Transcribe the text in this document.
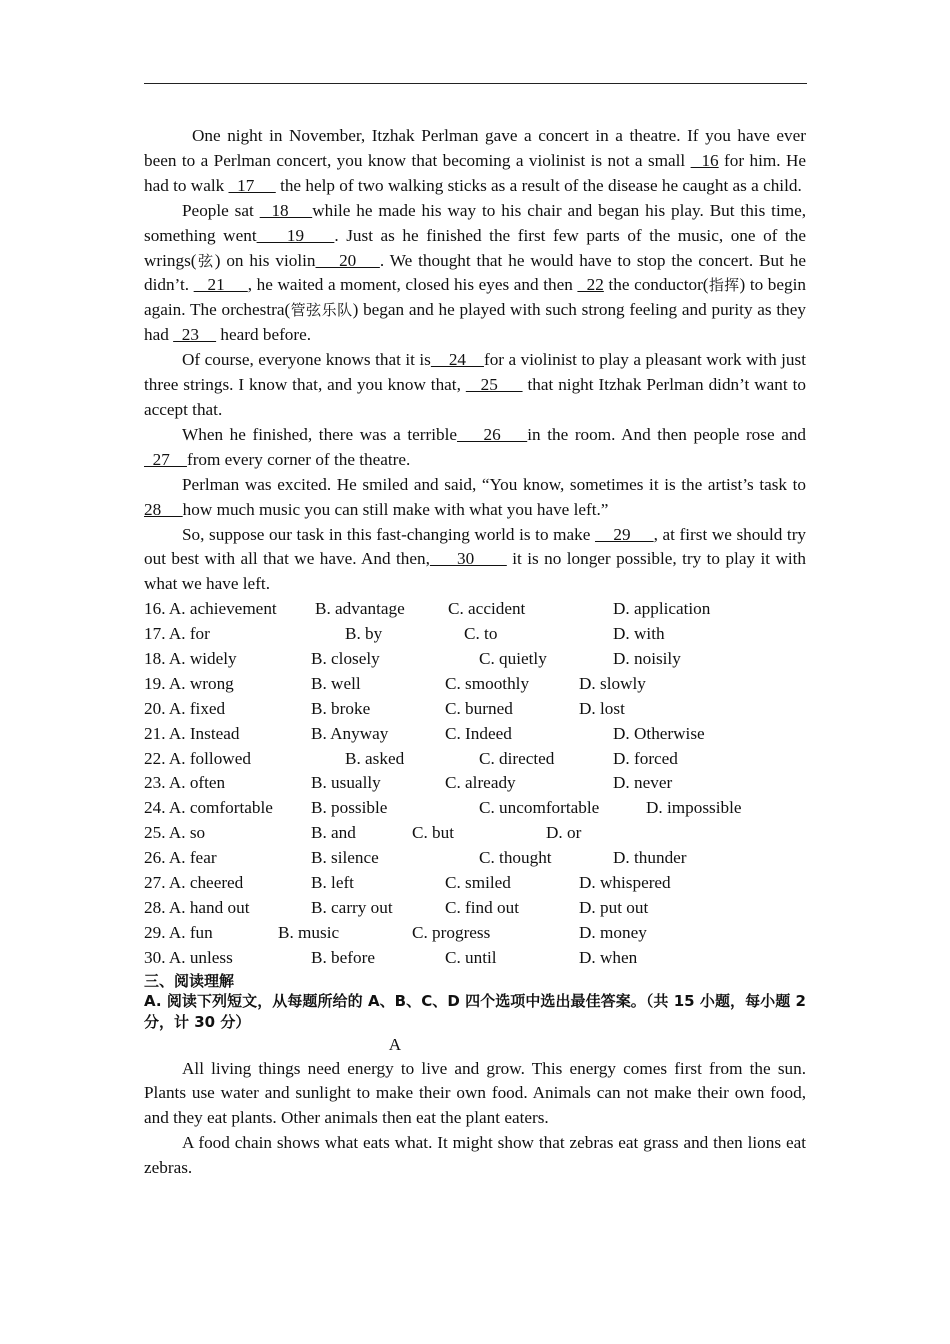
One night in November, Itzhak Perlman gave a concert in a theatre. If you have ever been to a Perlman concert, you know that becoming a violinist is not a small   16 for him. He had to walk   17      the help of two walking sticks as a result of the disease he caught as a child.

People sat   18    while he made his way to his chair and began his play. But this time, something went    19    . Just as he finished the first few parts of the music, one of the wrings(弦) on his violin    20    . We thought that he would have to stop the concert. But he didn’t.    21     , he waited a moment, closed his eyes and then   22 the conductor(指挥) to begin again. The orchestra(管弦乐队) began and he played with such strong feeling and purity as they had   23     heard before.

Of course, everyone knows that it is    24    for a violinist to play a pleasant work with just three strings. I know that, and you know that,    25      that night Itzhak Perlman didn’t want to accept that.

When he finished, there was a terrible    26    in the room. And then people rose and  27    from every corner of the theatre.

Perlman was excited. He smiled and said, “You know, sometimes it is the artist’s task to 28     how much music you can still make with what you have left.”

So, suppose our task in this fast-changing world is to make     29     , at first we should try out best with all that we have. And then,     30       it is no longer possible, try to play it with what we have left.

16. A. achievement B. advantage	C. accident	D. application
17. A. for	B. by	C. to	D. with
18. A. widely	B. closely	C. quietly	D. noisily
19. A. wrong	B. well	C. smoothly	D. slowly
20. A. fixed	B. broke	C. burned	D. lost
21. A. Instead	B. Anyway	C. Indeed	D. Otherwise
22. A. followed	B. asked	C. directed	D. forced
23. A. often	B. usually	C. already	D. never
24. A. comfortable B. possible	C. uncomfortable	D. impossible
25. A. so	B. and	C. but	D. or
26. A. fear	B. silence	C. thought	D. thunder
27. A. cheered	B. left	C. smiled	D. whispered
28. A. hand out	B. carry out	C. find out	D. put out
29. A. fun	B. music	C. progress	D. money
30. A. unless	B. before	C. until	D. when

三、阅读理解

A. 阅读下列短文，从每题所给的 A、B、C、D 四个选项中选出最佳答案。（共 15 小题，每小题 2 分，计 30 分）

A

All living things need energy to live and grow. This energy comes first from the sun. Plants use water and sunlight to make their own food. Animals can not make their own food, and they eat plants. Other animals then eat the plant eaters.

A food chain shows what eats what. It might show that zebras eat grass and then lions eat zebras.
